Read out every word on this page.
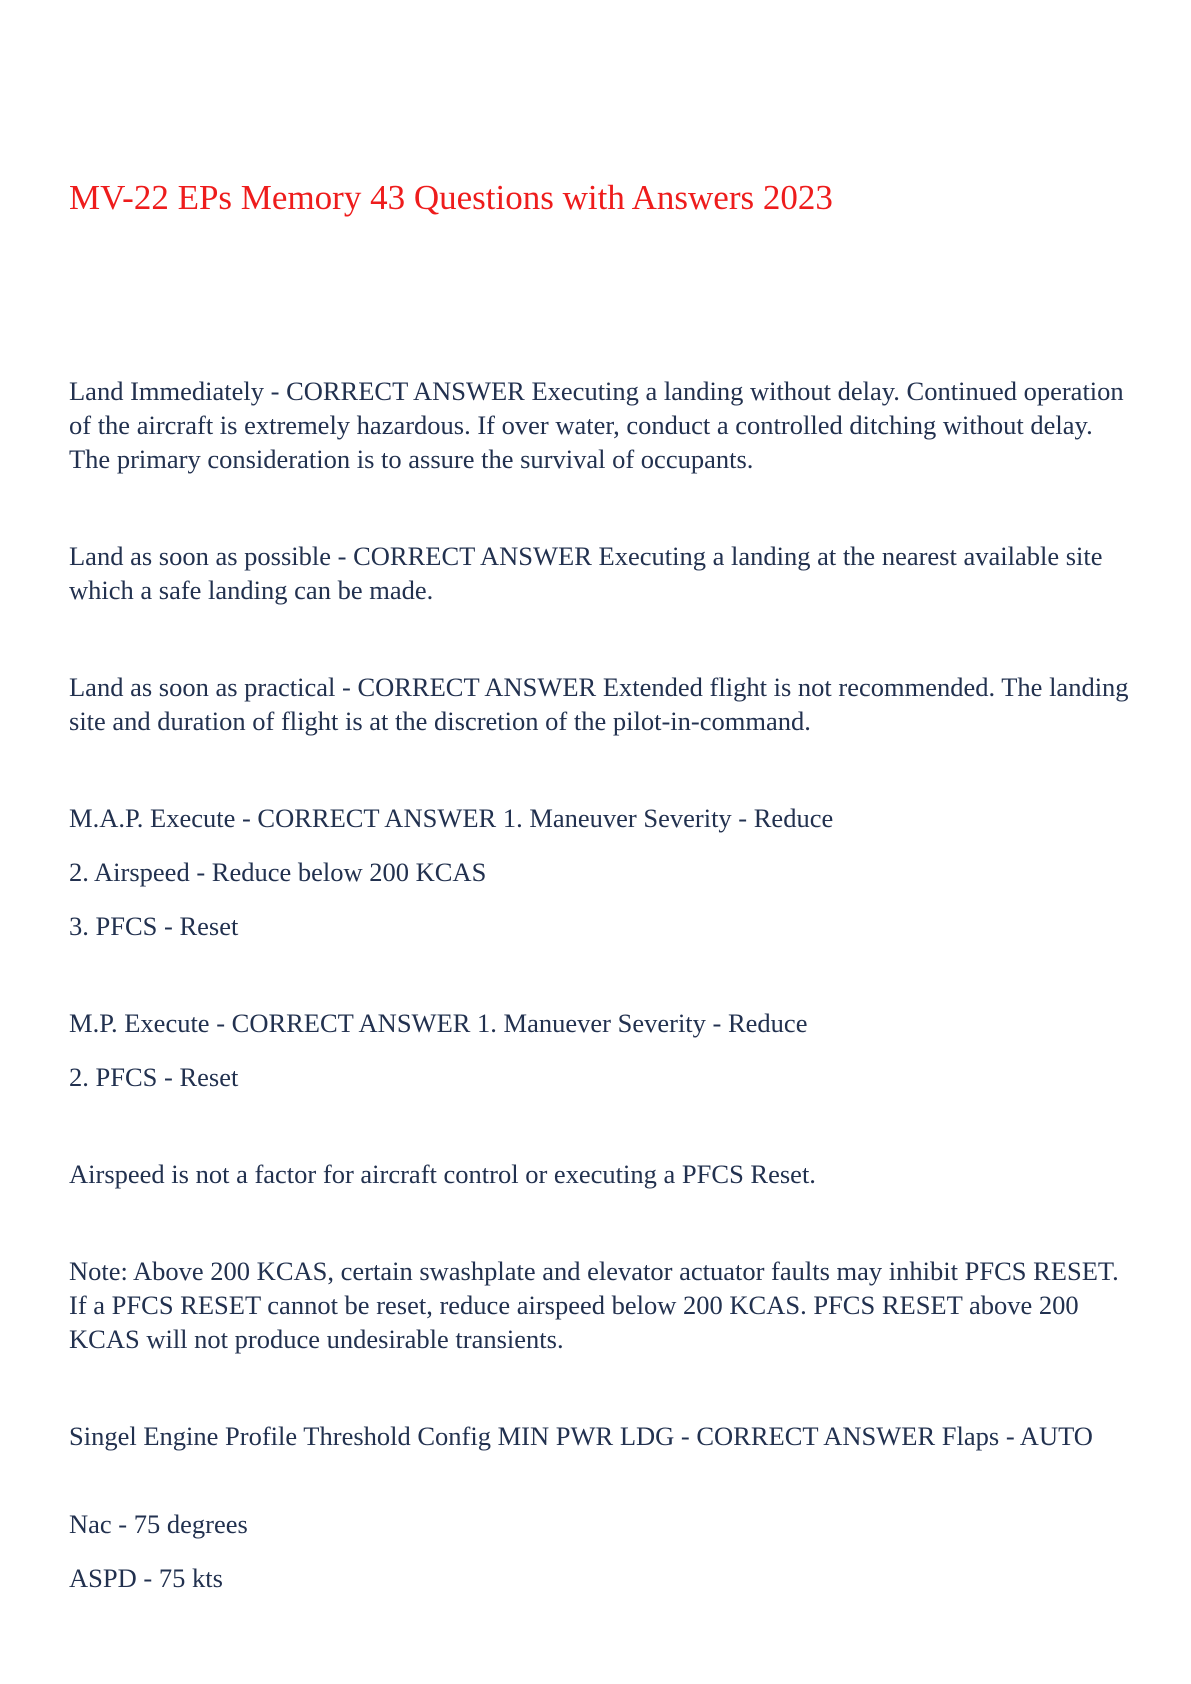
MV-22 EPs Memory 43 Questions with Answers 2023

Land Immediately - CORRECT ANSWER Executing a landing without delay. Continued operation of the aircraft is extremely hazardous. If over water, conduct a controlled ditching without delay. The primary consideration is to assure the survival of occupants.

Land as soon as possible - CORRECT ANSWER Executing a landing at the nearest available site which a safe landing can be made.

Land as soon as practical - CORRECT ANSWER Extended flight is not recommended. The landing site and duration of flight is at the discretion of the pilot-in-command.

M.A.P. Execute - CORRECT ANSWER 1. Maneuver Severity - Reduce

2. Airspeed - Reduce below 200 KCAS

3. PFCS - Reset

M.P. Execute - CORRECT ANSWER 1. Manuever Severity - Reduce

2. PFCS - Reset

Airspeed is not a factor for aircraft control or executing a PFCS Reset.

Note: Above 200 KCAS, certain swashplate and elevator actuator faults may inhibit PFCS RESET. If a PFCS RESET cannot be reset, reduce airspeed below 200 KCAS. PFCS RESET above 200 KCAS will not produce undesirable transients.

Singel Engine Profile Threshold Config MIN PWR LDG - CORRECT ANSWER Flaps - AUTO

Nac - 75 degrees

ASPD - 75 kts
